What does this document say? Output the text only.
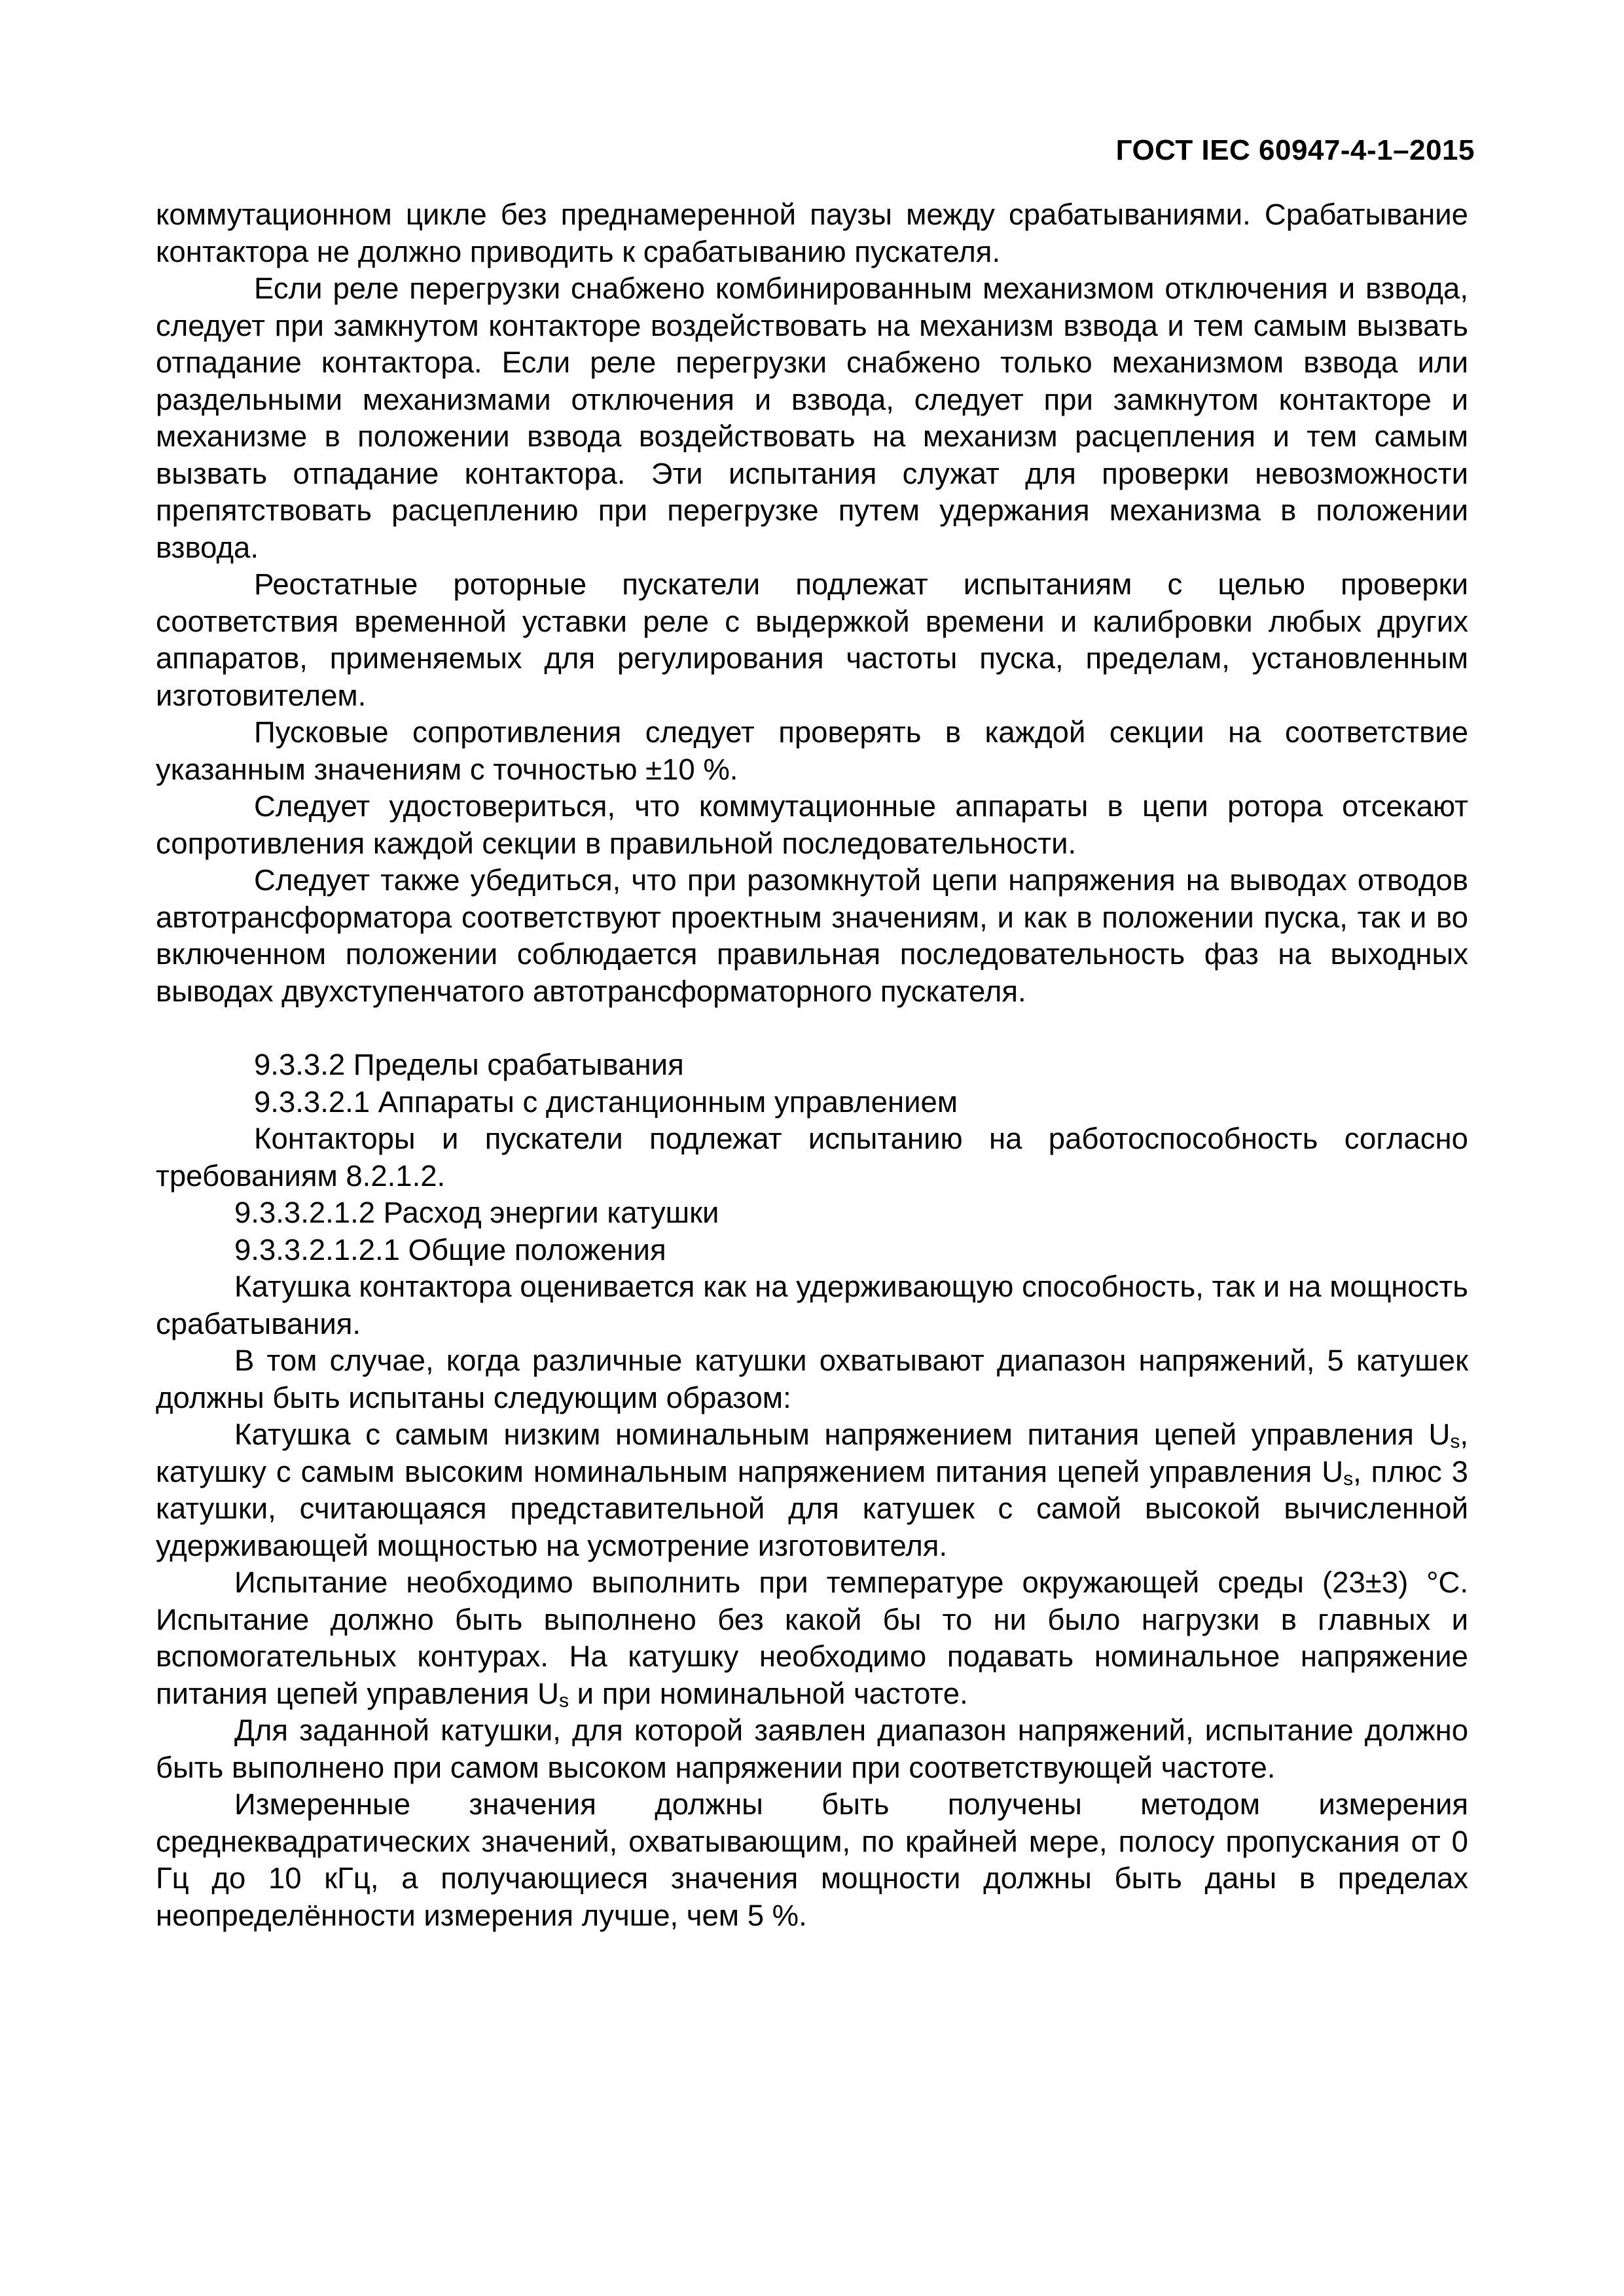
ГОСТ IEC 60947-4-1–2015

коммутационном цикле без преднамеренной паузы между срабатываниями. Срабатывание контактора не должно приводить к срабатыванию пускателя.

Если реле перегрузки снабжено комбинированным механизмом отключения и взвода, следует при замкнутом контакторе воздействовать на механизм взвода и тем самым вызвать отпадание контактора. Если реле перегрузки снабжено только механизмом взвода или раздельными механизмами отключения и взвода, следует при замкнутом контакторе и механизме в положении взвода воздействовать на механизм расцепления и тем самым вызвать отпадание контактора. Эти испытания служат для проверки невозможности препятствовать расцеплению при перегрузке путем удержания механизма в положении взвода.

Реостатные роторные пускатели подлежат испытаниям с целью проверки соответствия временной уставки реле с выдержкой времени и калибровки любых других аппаратов, применяемых для регулирования частоты пуска, пределам, установленным изготовителем.

Пусковые сопротивления следует проверять в каждой секции на соответствие указанным значениям с точностью ±10 %.

Следует удостовериться, что коммутационные аппараты в цепи ротора отсекают сопротивления каждой секции в правильной последовательности.

Следует также убедиться, что при разомкнутой цепи напряжения на выводах отводов автотрансформатора соответствуют проектным значениям, и как в положении пуска, так и во включенном положении соблюдается правильная последовательность фаз на выходных выводах двухступенчатого автотрансформаторного пускателя.

9.3.3.2 Пределы срабатывания

9.3.3.2.1 Аппараты с дистанционным управлением

Контакторы и пускатели подлежат испытанию на работоспособность согласно требованиям 8.2.1.2.

9.3.3.2.1.2 Расход энергии катушки

9.3.3.2.1.2.1 Общие положения

Катушка контактора оценивается как на удерживающую способность, так и на мощность срабатывания.

В том случае, когда различные катушки охватывают диапазон напряжений, 5 катушек должны быть испытаны следующим образом:

Катушка с самым низким номинальным напряжением питания цепей управления Us, катушку с самым высоким номинальным напряжением питания цепей управления Us, плюс 3 катушки, считающаяся представительной для катушек с самой высокой вычисленной удерживающей мощностью на усмотрение изготовителя.

Испытание необходимо выполнить при температуре окружающей среды (23±3) °С. Испытание должно быть выполнено без какой бы то ни было нагрузки в главных и вспомогательных контурах. На катушку необходимо подавать номинальное напряжение питания цепей управления Us и при номинальной частоте.

Для заданной катушки, для которой заявлен диапазон напряжений, испытание должно быть выполнено при самом высоком напряжении при соответствующей частоте.

Измеренные значения должны быть получены методом измерения среднеквадратических значений, охватывающим, по крайней мере, полосу пропускания от 0 Гц до 10 кГц, а получающиеся значения мощности должны быть даны в пределах неопределённости измерения лучше, чем 5 %.
